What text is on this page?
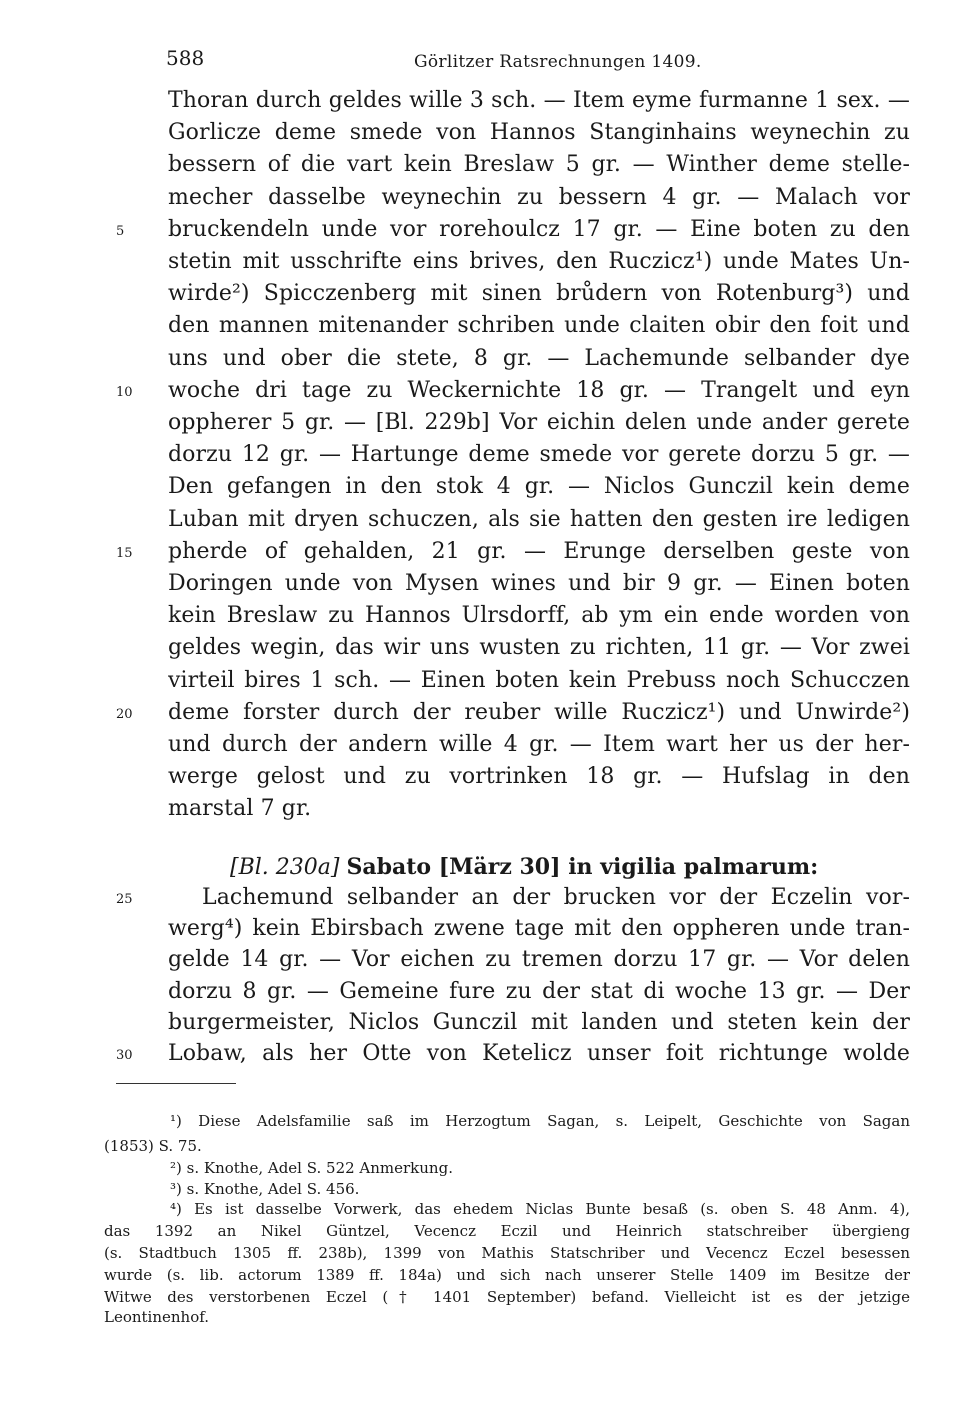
588	Görlitzer Ratsrechnungen 1409.
Thoran durch geldes wille 3 sch. — Item eyme furmanne 1 sex. —
Gorlicze deme smede von Hannos Stanginhains weynechin zu
bessern of die vart kein Breslaw 5 gr. — Winther deme stelle-
mecher dasselbe weynechin zu bessern 4 gr. — Malach vor
5	bruckendeln unde vor rorehoulcz 17 gr. — Eine boten zu den
stetin mit usschrifte eins brives, den Ruczicz¹) unde Mates Un-
wirde²) Spicczenberg mit sinen brůdern von Rotenburg³) und
den mannen mitenander schriben unde claiten obir den foit und
uns und ober die stete, 8 gr. — Lachemunde selbander dye
10	woche dri tage zu Weckernichte 18 gr. — Trangelt und eyn
oppherer 5 gr. — [Bl. 229b] Vor eichin delen unde ander gerete
dorzu 12 gr. — Hartunge deme smede vor gerete dorzu 5 gr. —
Den gefangen in den stok 4 gr. — Niclos Gunczil kein deme
Luban mit dryen schuczen, als sie hatten den gesten ire ledigen
15	pherde of gehalden, 21 gr. — Erunge derselben geste von
Doringen unde von Mysen wines und bir 9 gr. — Einen boten
kein Breslaw zu Hannos Ulrsdorff, ab ym ein ende worden von
geldes wegin, das wir uns wusten zu richten, 11 gr. — Vor zwei
virteil bires 1 sch. — Einen boten kein Prebuss noch Schucczen
20	deme forster durch der reuber wille Ruczicz¹) und Unwirde²)
und durch der andern wille 4 gr. — Item wart her us der her-
werge gelost und zu vortrinken 18 gr. — Hufslag in den
marstal 7 gr.
[Bl. 230a] Sabato [März 30] in vigilia palmarum:
25	Lachemund selbander an der brucken vor der Eczelin vor-
werg⁴) kein Ebirsbach zwene tage mit den oppheren unde tran-
gelde 14 gr. — Vor eichen zu tremen dorzu 17 gr. — Vor delen
dorzu 8 gr. — Gemeine fure zu der stat di woche 13 gr. — Der
burgermeister, Niclos Gunczil mit landen und steten kein der
30	Lobaw, als her Otte von Ketelicz unser foit richtunge wolde
¹) Diese Adelsfamilie saß im Herzogtum Sagan, s. Leipelt, Geschichte von Sagan
(1853) S. 75.
²) s. Knothe, Adel S. 522 Anmerkung.
³) s. Knothe, Adel S. 456.
⁴) Es ist dasselbe Vorwerk, das ehedem Niclas Bunte besaß (s. oben S. 48 Anm. 4),
das 1392 an Nikel Güntzel, Vecencz Eczil und Heinrich statschreiber übergieng
(s. Stadtbuch 1305 ff. 238b), 1399 von Mathis Statschriber und Vecencz Eczel besessen
wurde (s. lib. actorum 1389 ff. 184a) und sich nach unserer Stelle 1409 im Besitze der
Witwe des verstorbenen Eczel († 1401 September) befand. Vielleicht ist es der jetzige
Leontinenhof.
